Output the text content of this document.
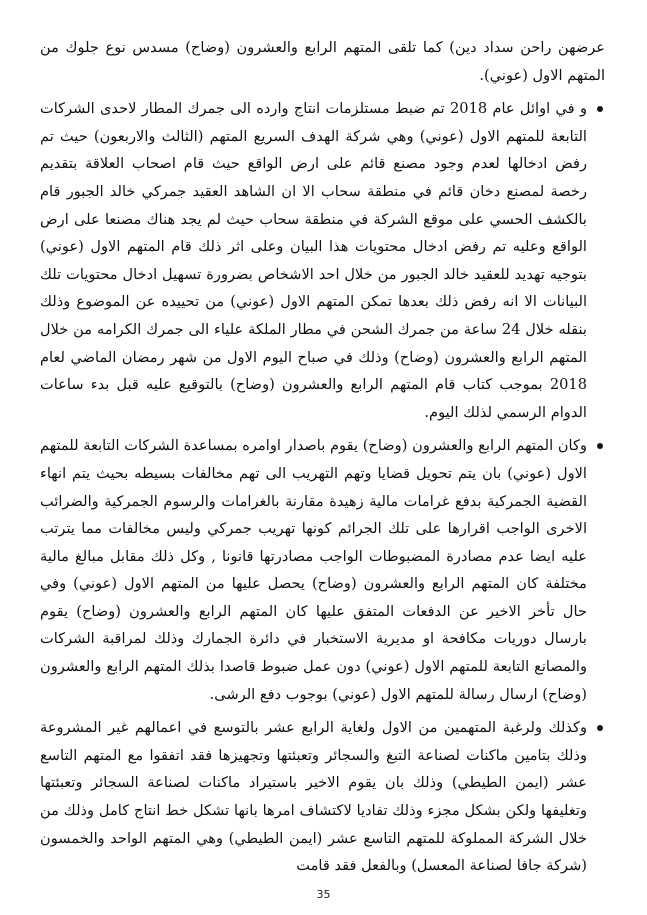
عرضهن راحن سداد دين) كما تلقى المتهم الرابع والعشرون (وضاح) مسدس نوع جلوك من المتهم الاول (عوني).

و في اوائل عام 2018 تم ضبط مستلزمات انتاج وارده الى جمرك المطار لاحدى الشركات التابعة للمتهم الاول (عوني) وهي شركة الهدف السريع المتهم (الثالث والاربعون) حيث تم رفض ادخالها لعدم وجود مصنع قائم على ارض الواقع حيث قام اصحاب العلاقة بتقديم رخصة لمصنع دخان قائم في منطقة سحاب الا ان الشاهد العقيد جمركي خالد الجبور قام بالكشف الحسي على موقع الشركة في منطقة سحاب حيث لم يجد هناك مصنعا على ارض الواقع وعليه تم رفض ادخال محتويات هذا البيان وعلى اثر ذلك قام المتهم الاول (عوني) بتوجيه تهديد للعقيد خالد الجبور من خلال احد الاشخاص بضرورة تسهيل ادخال محتويات تلك البيانات الا انه رفض ذلك بعدها تمكن المتهم الاول (عوني) من تحييده عن الموضوع وذلك بنقله خلال 24 ساعة من جمرك الشحن في مطار الملكة علياء الى جمرك الكرامه من خلال المتهم الرابع والعشرون (وضاح) وذلك في صباح اليوم الاول من شهر رمضان الماضي لعام 2018 بموجب كتاب قام المتهم الرابع والعشرون (وضاح) بالتوقيع عليه قبل بدء ساعات الدوام الرسمي لذلك اليوم.

وكان المتهم الرابع والعشرون (وضاح) يقوم باصدار اوامره بمساعدة الشركات التابعة للمتهم الاول (عوني) بان يتم تحويل قضايا وتهم التهريب الى تهم مخالفات بسيطه بحيث يتم انهاء القضية الجمركية بدفع غرامات مالية زهيدة مقارنة بالغرامات والرسوم الجمركية والضرائب الاخرى الواجب اقرارها على تلك الجرائم كونها تهريب جمركي وليس مخالفات مما يترتب عليه ايضا عدم مصادرة المضبوطات الواجب مصادرتها قانونا , وكل ذلك مقابل مبالغ مالية مختلفة كان المتهم الرابع والعشرون (وضاح) يحصل عليها من المتهم الاول (عوني) وفي حال تأخر الاخير عن الدفعات المتفق عليها كان المتهم الرابع والعشرون (وضاح) يقوم بارسال دوريات مكافحة او مديرية الاستخبار في دائرة الجمارك وذلك لمراقبة الشركات والمصانع التابعة للمتهم الاول (عوني) دون عمل ضبوط قاصدا بذلك المتهم الرابع والعشرون (وضاح) ارسال رسالة للمتهم الاول (عوني) بوجوب دفع الرشى.

وكذلك ولرغبة المتهمين من الاول ولغاية الرابع عشر بالتوسع في اعمالهم غير المشروعة وذلك بتامين ماكنات لصناعة التبغ والسجائر وتعبئتها وتجهيزها فقد اتفقوا مع المتهم التاسع عشر (ايمن الطيطي) وذلك بان يقوم الاخير باستيراد ماكنات لصناعة السجائر وتعبئتها وتغليفها ولكن بشكل مجزء وذلك تفاديا لاكتشاف امرها بانها تشكل خط انتاج كامل وذلك من خلال الشركة المملوكة للمتهم التاسع عشر (ايمن الطيطي) وهي المتهم الواحد والخمسون (شركة جافا لصناعة المعسل) وبالفعل فقد قامت

35
